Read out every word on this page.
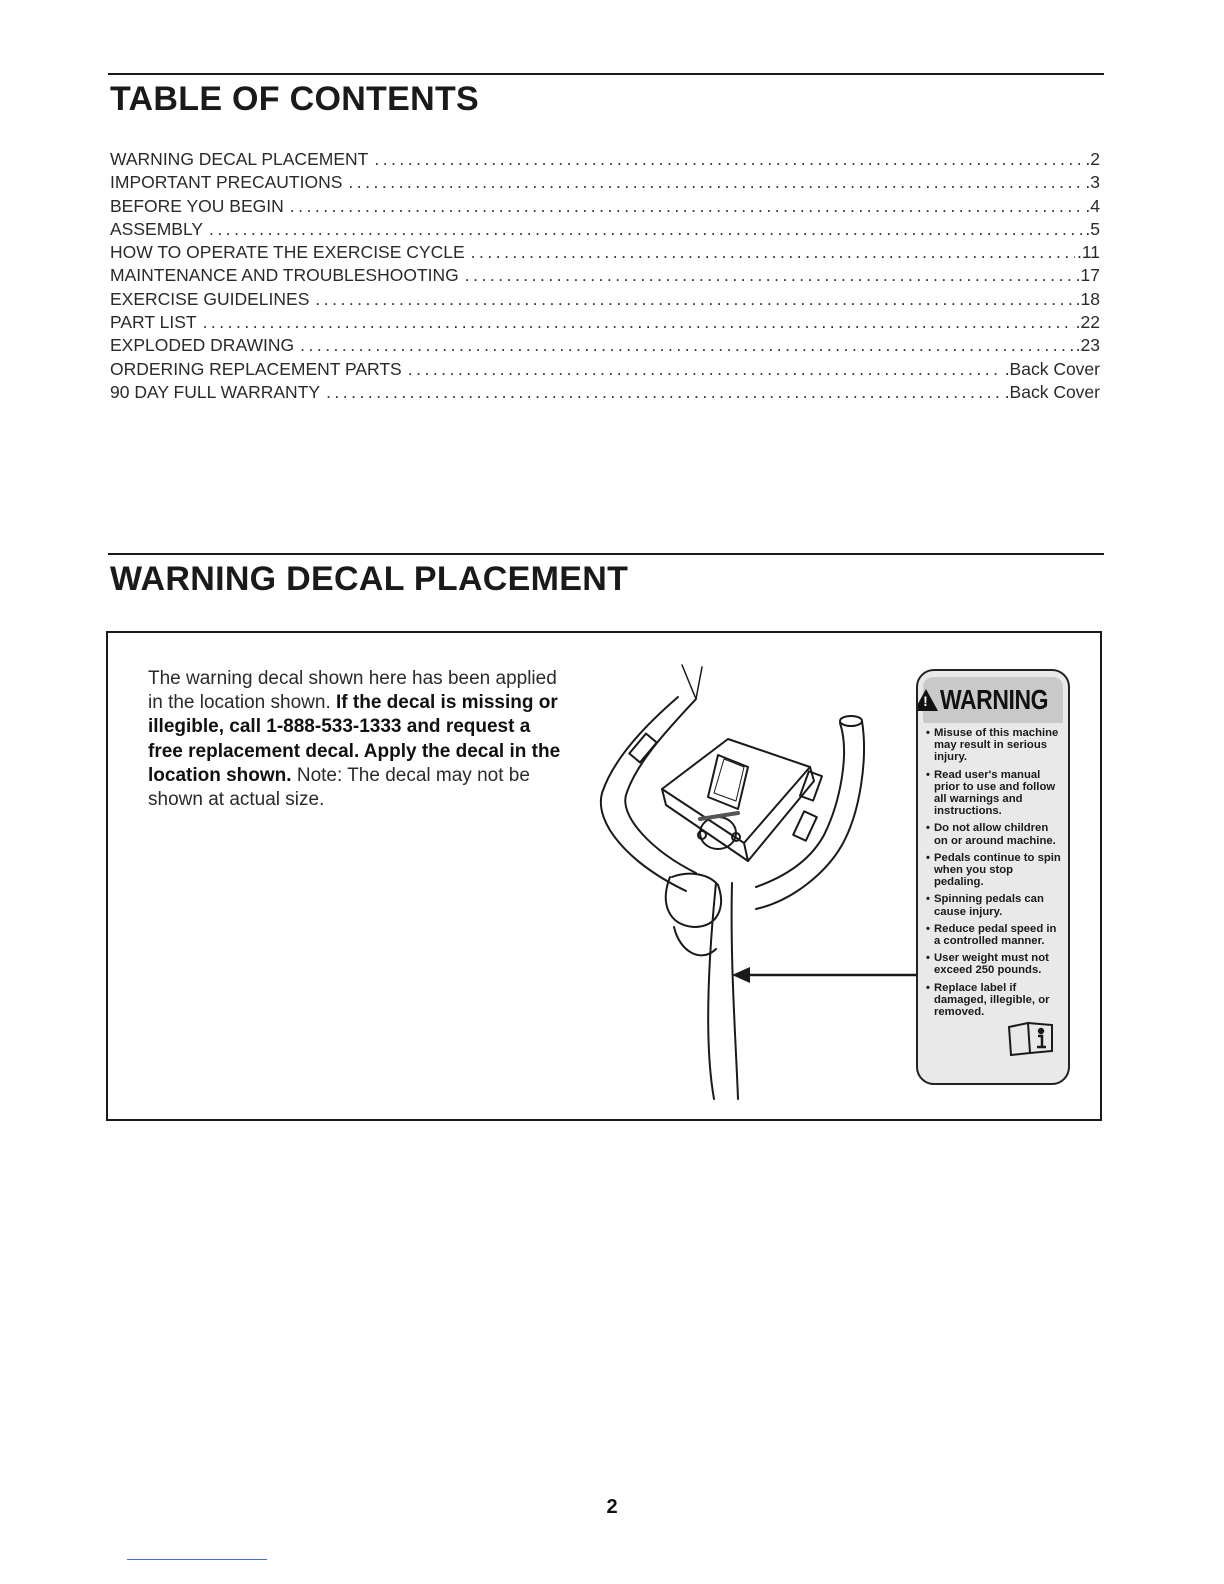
TABLE OF CONTENTS
WARNING DECAL PLACEMENT .....	.2
IMPORTANT PRECAUTIONS .....	.3
BEFORE YOU BEGIN .....	.4
ASSEMBLY .....	.5
HOW TO OPERATE THE EXERCISE CYCLE .....	.11
MAINTENANCE AND TROUBLESHOOTING .....	.17
EXERCISE GUIDELINES .....	.18
PART LIST .....	.22
EXPLODED DRAWING .....	.23
ORDERING REPLACEMENT PARTS .....	.Back Cover
90 DAY FULL WARRANTY .....	.Back Cover
WARNING DECAL PLACEMENT

The warning decal shown here has been applied in the location shown. If the decal is missing or illegible, call 1-888-533-1333 and request a free replacement decal. Apply the decal in the location shown. Note: The decal may not be shown at actual size.

! WARNING
• Misuse of this machine may result in serious injury.
• Read user's manual prior to use and follow all warnings and instructions.
• Do not allow children on or around machine.
• Pedals continue to spin when you stop pedaling.
• Spinning pedals can cause injury.
• Reduce pedal speed in a controlled manner.
• User weight must not exceed 250 pounds.
• Replace label if damaged, illegible, or removed.
2
